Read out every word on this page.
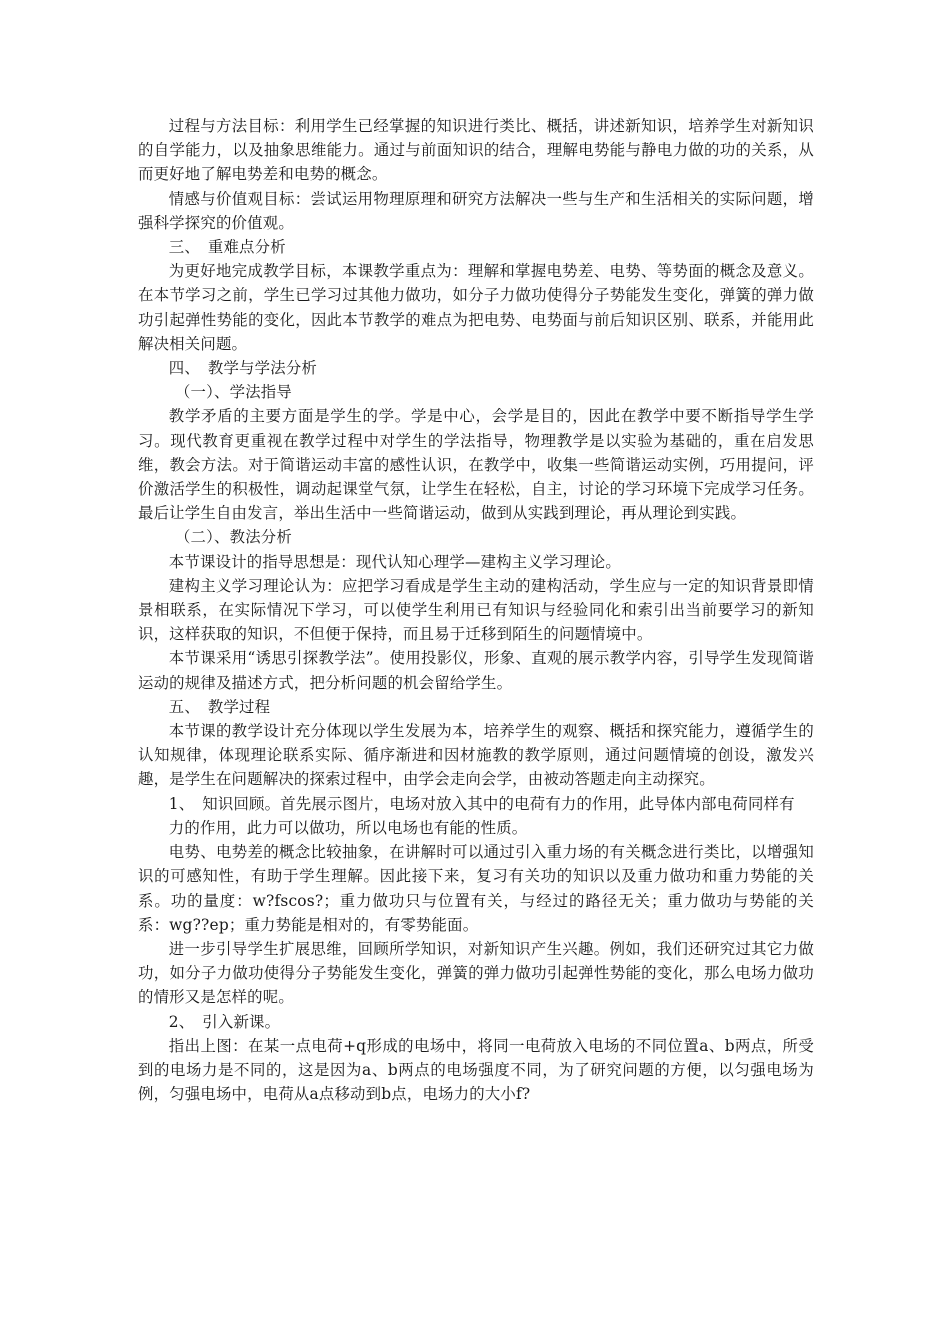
过程与方法目标：利用学生已经掌握的知识进行类比、概括，讲述新知识，培养学生对新知识的自学能力，以及抽象思维能力。通过与前面知识的结合，理解电势能与静电力做的功的关系，从而更好地了解电势差和电势的概念。

情感与价值观目标：尝试运用物理原理和研究方法解决一些与生产和生活相关的实际问题，增强科学探究的价值观。

三、　重难点分析

为更好地完成教学目标，本课教学重点为：理解和掌握电势差、电势、等势面的概念及意义。在本节学习之前，学生已学习过其他力做功，如分子力做功使得分子势能发生变化，弹簧的弹力做功引起弹性势能的变化，因此本节教学的难点为把电势、电势面与前后知识区别、联系，并能用此解决相关问题。

四、　教学与学法分析

（一）、学法指导

教学矛盾的主要方面是学生的学。学是中心，会学是目的，因此在教学中要不断指导学生学习。现代教育更重视在教学过程中对学生的学法指导，物理教学是以实验为基础的，重在启发思维，教会方法。对于简谐运动丰富的感性认识，在教学中，收集一些简谐运动实例，巧用提问，评价激活学生的积极性，调动起课堂气氛，让学生在轻松，自主，讨论的学习环境下完成学习任务。最后让学生自由发言，举出生活中一些简谐运动，做到从实践到理论，再从理论到实践。

（二）、教法分析

本节课设计的指导思想是：现代认知心理学—建构主义学习理论。

建构主义学习理论认为：应把学习看成是学生主动的建构活动，学生应与一定的知识背景即情景相联系，在实际情况下学习，可以使学生利用已有知识与经验同化和索引出当前要学习的新知识，这样获取的知识，不但便于保持，而且易于迁移到陌生的问题情境中。

本节课采用“诱思引探教学法”。使用投影仪，形象、直观的展示教学内容，引导学生发现简谐运动的规律及描述方式，把分析问题的机会留给学生。

五、　教学过程

本节课的教学设计充分体现以学生发展为本，培养学生的观察、概括和探究能力，遵循学生的认知规律，体现理论联系实际、循序渐进和因材施教的教学原则，通过问题情境的创设，激发兴趣，是学生在问题解决的探索过程中，由学会走向会学，由被动答题走向主动探究。

1、　知识回顾。首先展示图片，电场对放入其中的电荷有力的作用，此导体内部电荷同样有

力的作用，此力可以做功，所以电场也有能的性质。

电势、电势差的概念比较抽象，在讲解时可以通过引入重力场的有关概念进行类比，以增强知识的可感知性，有助于学生理解。因此接下来，复习有关功的知识以及重力做功和重力势能的关系。功的量度：w?fscos?；重力做功只与位置有关，与经过的路径无关；重力做功与势能的关系：wg??ep；重力势能是相对的，有零势能面。

进一步引导学生扩展思维，回顾所学知识，对新知识产生兴趣。例如，我们还研究过其它力做功，如分子力做功使得分子势能发生变化，弹簧的弹力做功引起弹性势能的变化，那么电场力做功的情形又是怎样的呢。

2、　引入新课。

指出上图：在某一点电荷+q形成的电场中，将同一电荷放入电场的不同位置a、b两点，所受到的电场力是不同的，这是因为a、b两点的电场强度不同，为了研究问题的方便，以匀强电场为例，匀强电场中，电荷从a点移动到b点，电场力的大小f?
